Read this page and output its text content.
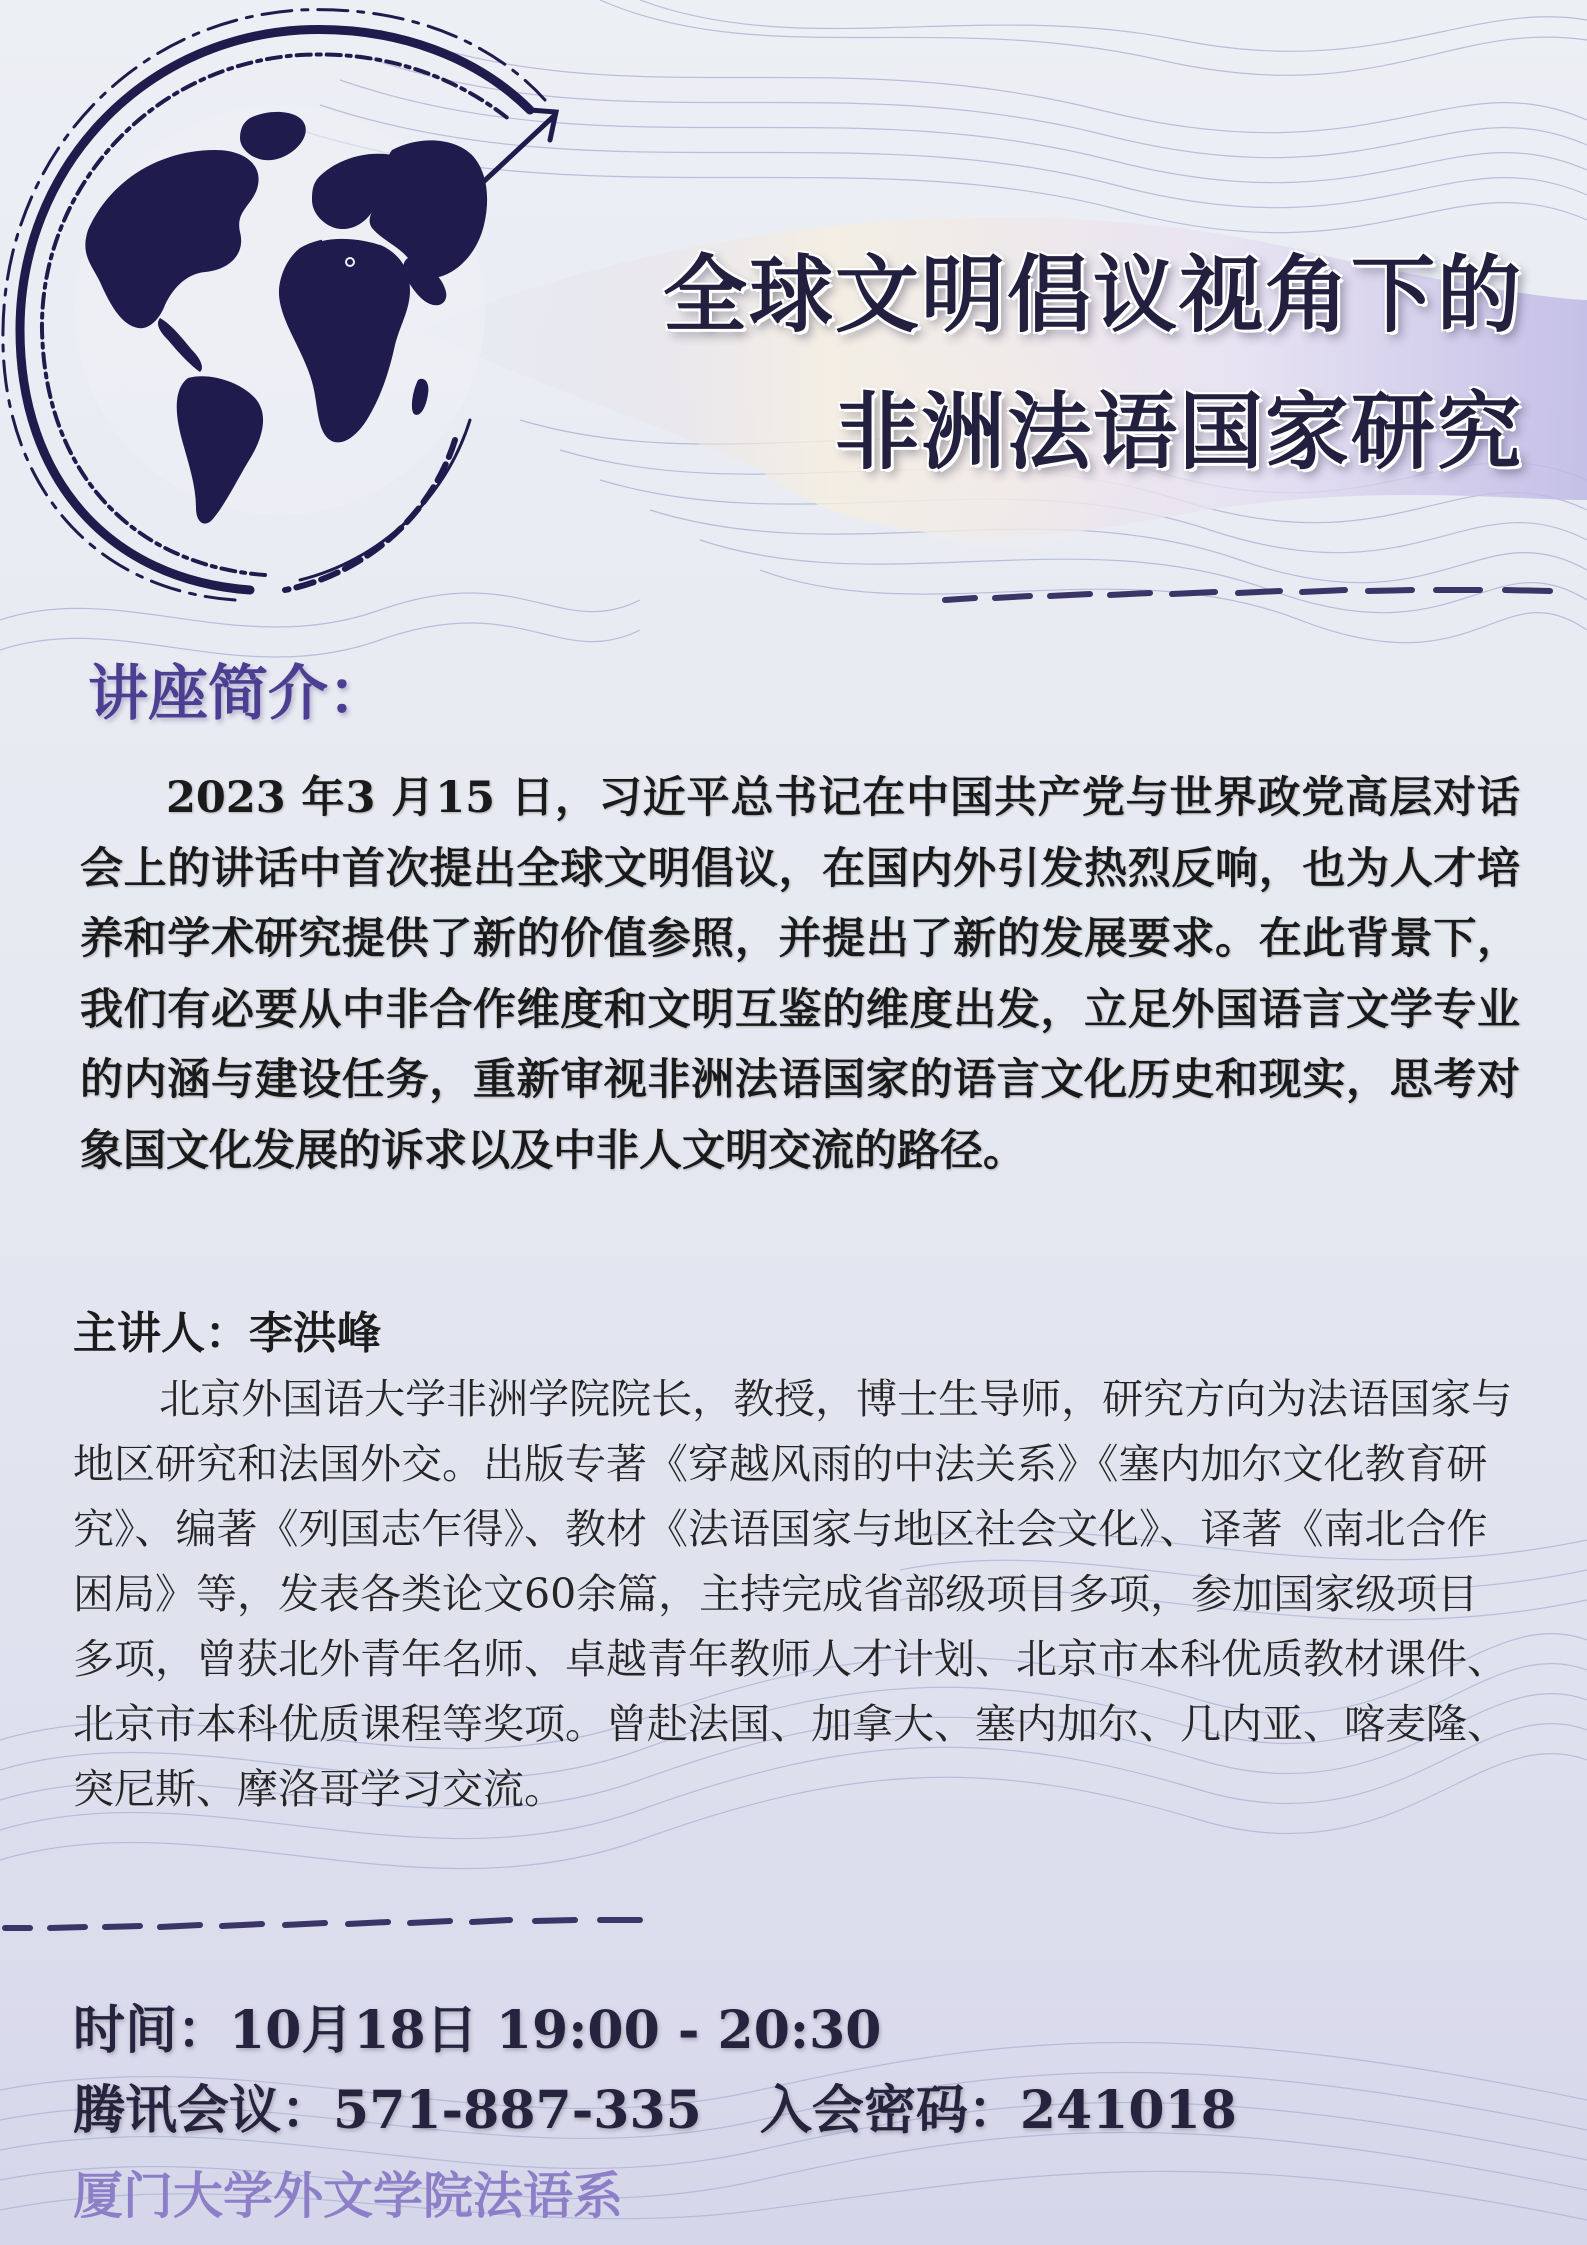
全球文明倡议视角下的
非洲法语国家研究
讲座简介：

2023 年3 月15 日，习近平总书记在中国共产党与世界政党高层对话会上的讲话中首次提出全球文明倡议，在国内外引发热烈反响，也为人才培养和学术研究提供了新的价值参照，并提出了新的发展要求。在此背景下，我们有必要从中非合作维度和文明互鉴的维度出发，立足外国语言文学专业的内涵与建设任务，重新审视非洲法语国家的语言文化历史和现实，思考对象国文化发展的诉求以及中非人文明交流的路径。

主讲人：李洪峰

北京外国语大学非洲学院院长，教授，博士生导师，研究方向为法语国家与地区研究和法国外交。出版专著《穿越风雨的中法关系》《塞内加尔文化教育研究》、编著《列国志乍得》、教材《法语国家与地区社会文化》、译著《南北合作困局》等，发表各类论文60余篇，主持完成省部级项目多项，参加国家级项目多项，曾获北外青年名师、卓越青年教师人才计划、北京市本科优质教材课件、北京市本科优质课程等奖项。曾赴法国、加拿大、塞内加尔、几内亚、喀麦隆、突尼斯、摩洛哥学习交流。

时间：10月18日 19:00 - 20:30

腾讯会议：571-887-335 入会密码：241018

厦门大学外文学院法语系
